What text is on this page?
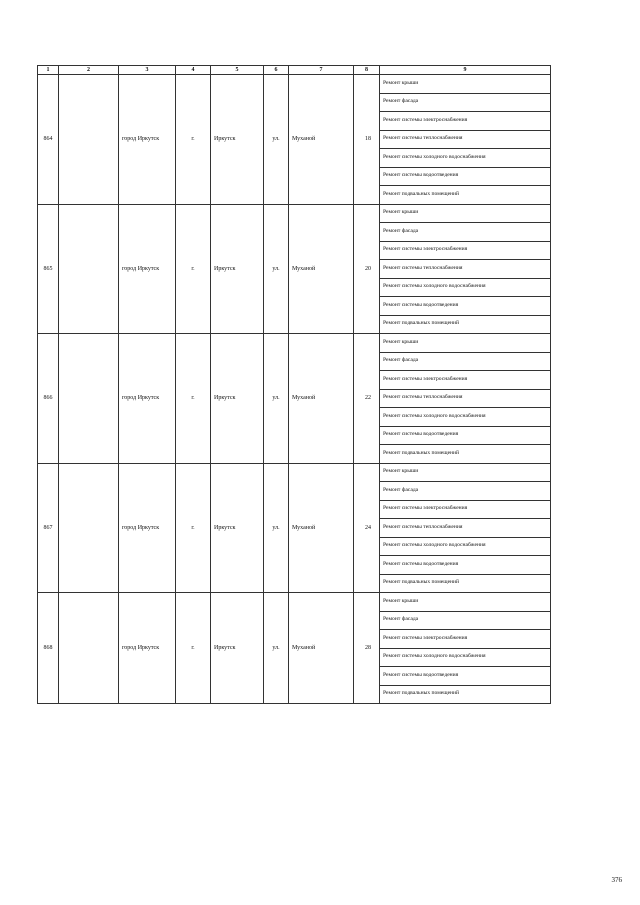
1	2	3	4	5	6	7	8	9
864		город Иркутск	г.	Иркутск	ул.	Муханой	18	Ремонт крыши
								Ремонт фасада
								Ремонт системы электроснабжения
								Ремонт системы теплоснабжения
								Ремонт системы холодного водоснабжения
								Ремонт системы водоотведения
								Ремонт подвальных помещений
865		город Иркутск	г.	Иркутск	ул.	Муханой	20	Ремонт крыши
								Ремонт фасада
								Ремонт системы электроснабжения
								Ремонт системы теплоснабжения
								Ремонт системы холодного водоснабжения
								Ремонт системы водоотведения
								Ремонт подвальных помещений
866		город Иркутск	г.	Иркутск	ул.	Муханой	22	Ремонт крыши
								Ремонт фасада
								Ремонт системы электроснабжения
								Ремонт системы теплоснабжения
								Ремонт системы холодного водоснабжения
								Ремонт системы водоотведения
								Ремонт подвальных помещений
867		город Иркутск	г.	Иркутск	ул.	Муханой	24	Ремонт крыши
								Ремонт фасада
								Ремонт системы электроснабжения
								Ремонт системы теплоснабжения
								Ремонт системы холодного водоснабжения
								Ремонт системы водоотведения
								Ремонт подвальных помещений
868		город Иркутск	г.	Иркутск	ул.	Муханой	28	Ремонт крыши
								Ремонт фасада
								Ремонт системы электроснабжения
								Ремонт системы холодного водоснабжения
								Ремонт системы водоотведения
								Ремонт подвальных помещений
376
